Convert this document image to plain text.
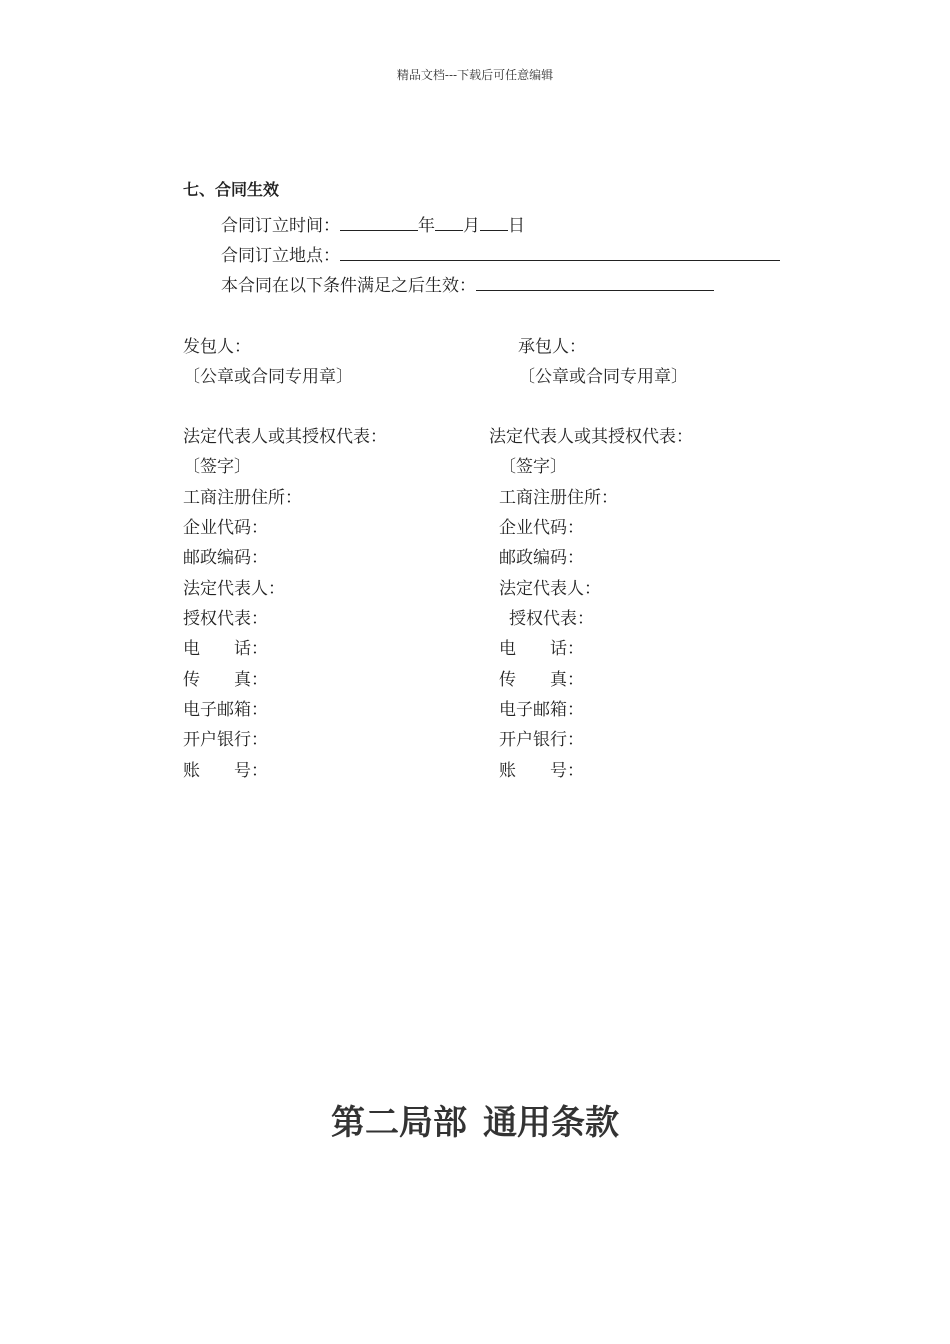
精品文档---下载后可任意编辑
七、合同生效
合同订立时间：	年 月 日
合同订立地点：
本合同在以下条件满足之后生效：
发包人：
〔公章或合同专用章〕
法定代表人或其授权代表：
〔签字〕
工商注册住所：
企业代码：
邮政编码：
法定代表人：
授权代表：
电　　话：
传　　真：
电子邮箱：
开户银行：
账　　号：
承包人：
〔公章或合同专用章〕
法定代表人或其授权代表：
〔签字〕
工商注册住所：
企业代码：
邮政编码：
法定代表人：
授权代表：
电　　话：
传　　真：
电子邮箱：
开户银行：
账　　号：
第二局部 通用条款
